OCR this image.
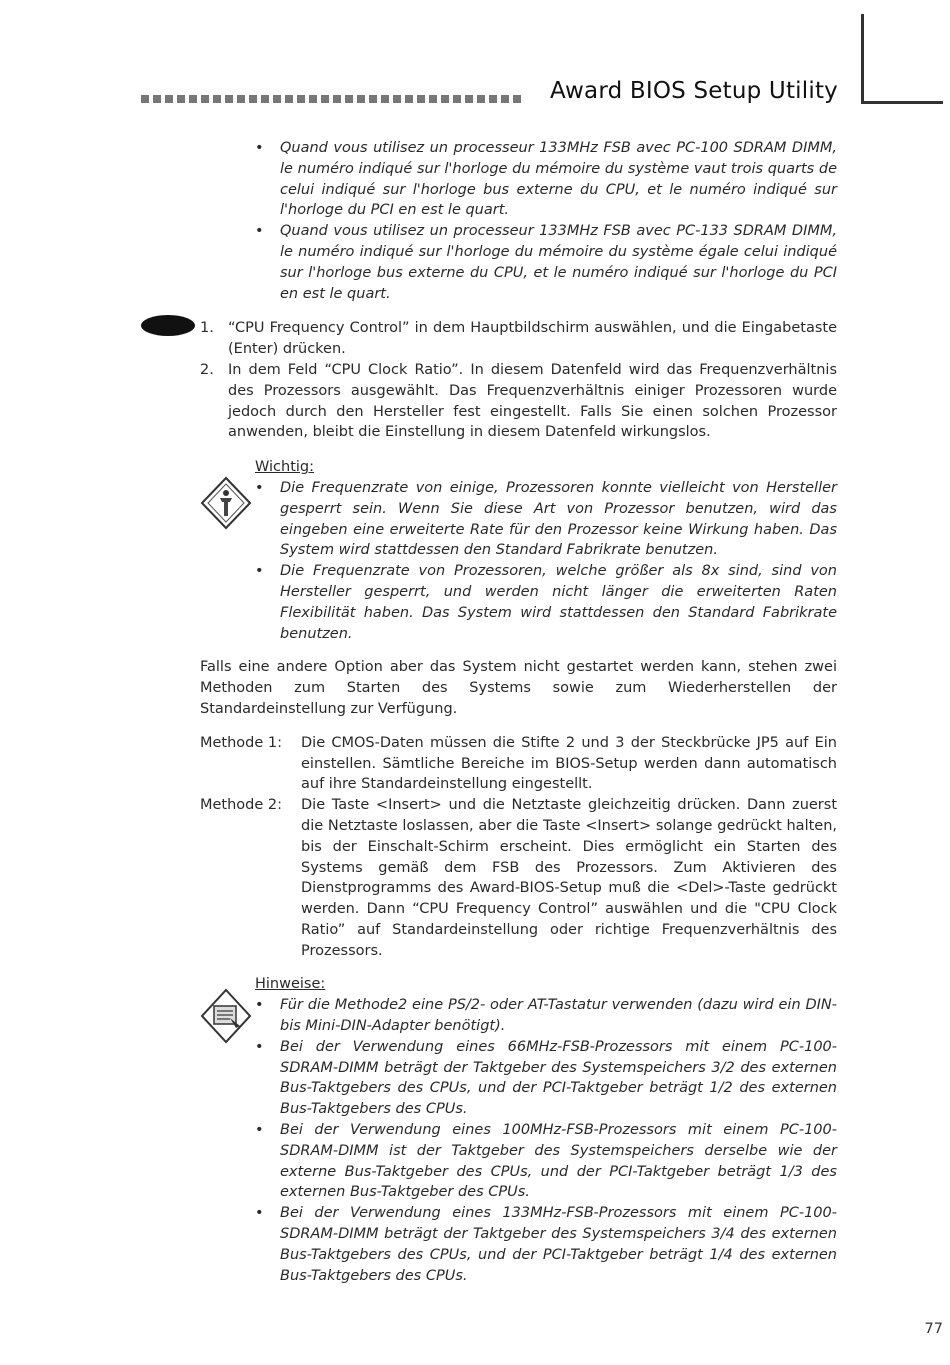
Award BIOS Setup Utility
•	Quand vous utilisez un processeur 133MHz FSB avec PC-100 SDRAM DIMM, le numéro indiqué sur l'horloge du mémoire du système vaut trois quarts de celui indiqué sur l'horloge bus externe du CPU, et le numéro indiqué sur l'horloge du PCI en est le quart.
•	Quand vous utilisez un processeur 133MHz FSB avec PC-133 SDRAM DIMM, le numéro indiqué sur l'horloge du mémoire du système égale celui indiqué sur l'horloge bus externe du CPU, et le numéro indiqué sur l'horloge du PCI en est le quart.
1. “CPU Frequency Control” in dem Hauptbildschirm auswählen, und die Eingabetaste (Enter) drücken.
2. In dem Feld “CPU Clock Ratio”. In diesem Datenfeld wird das Frequenzverhältnis des Prozessors ausgewählt. Das Frequenzverhältnis einiger Prozessoren wurde jedoch durch den Hersteller fest eingestellt. Falls Sie einen solchen Prozessor anwenden, bleibt die Einstellung in diesem Datenfeld wirkungslos.
Wichtig:
•	Die Frequenzrate von einige, Prozessoren konnte vielleicht von Hersteller gesperrt sein. Wenn Sie diese Art von Prozessor benutzen, wird das eingeben eine erweiterte Rate für den Prozessor keine Wirkung haben. Das System wird stattdessen den Standard Fabrikrate benutzen.
•	Die Frequenzrate von Prozessoren, welche größer als 8x sind, sind von Hersteller gesperrt, und werden nicht länger die erweiterten Raten Flexibilität haben. Das System wird stattdessen den Standard Fabrikrate benutzen.
Falls eine andere Option aber das System nicht gestartet werden kann, stehen zwei Methoden zum Starten des Systems sowie zum Wiederherstellen der Standardeinstellung zur Verfügung.
Methode 1:	Die CMOS-Daten müssen die Stifte 2 und 3 der Steckbrücke JP5 auf Ein einstellen. Sämtliche Bereiche im BIOS-Setup werden dann automatisch auf ihre Standardeinstellung eingestellt.
Methode 2:	Die Taste <Insert> und die Netztaste gleichzeitig drücken. Dann zuerst die Netztaste loslassen, aber die Taste <Insert> solange gedrückt halten, bis der Einschalt-Schirm erscheint. Dies ermöglicht ein Starten des Systems gemäß dem FSB des Prozessors. Zum Aktivieren des Dienstprogramms des Award-BIOS-Setup muß die <Del>-Taste gedrückt werden. Dann “CPU Frequency Control” auswählen und die "CPU Clock Ratio” auf Standardeinstellung oder richtige Frequenzverhältnis des Prozessors.
Hinweise:
•	Für die Methode2 eine PS/2- oder AT-Tastatur verwenden (dazu wird ein DIN- bis Mini-DIN-Adapter benötigt).
•	Bei der Verwendung eines 66MHz-FSB-Prozessors mit einem PC-100-SDRAM-DIMM beträgt der Taktgeber des Systemspeichers 3/2 des externen Bus-Taktgebers des CPUs, und der PCI-Taktgeber beträgt 1/2 des externen Bus-Taktgebers des CPUs.
•	Bei der Verwendung eines 100MHz-FSB-Prozessors mit einem PC-100-SDRAM-DIMM ist der Taktgeber des Systemspeichers derselbe wie der externe Bus-Taktgeber des CPUs, und der PCI-Taktgeber beträgt 1/3 des externen Bus-Taktgeber des CPUs.
•	Bei der Verwendung eines 133MHz-FSB-Prozessors mit einem PC-100-SDRAM-DIMM beträgt der Taktgeber des Systemspeichers 3/4 des externen Bus-Taktgebers des CPUs, und der PCI-Taktgeber beträgt 1/4 des externen Bus-Taktgebers des CPUs.
77
